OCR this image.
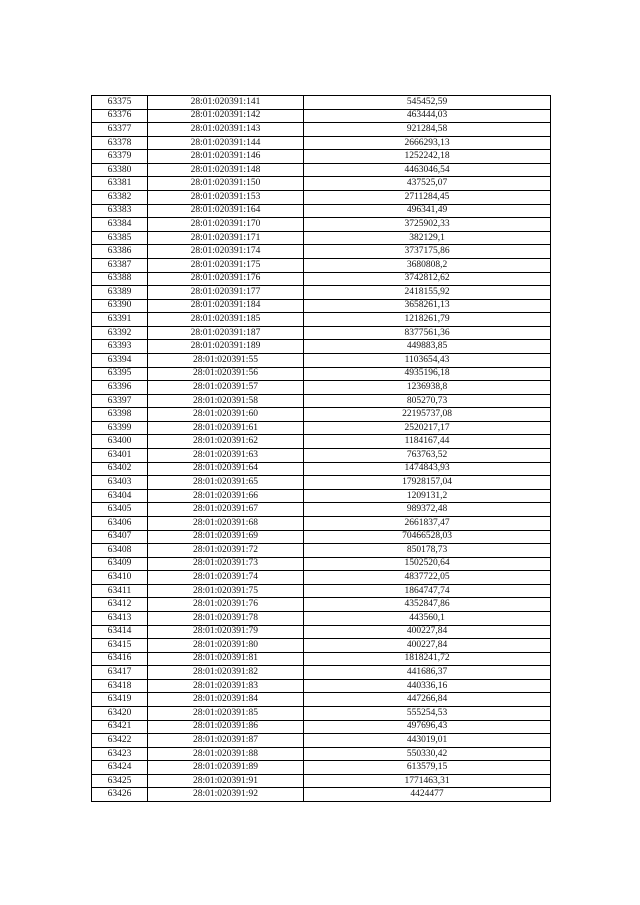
63375	28:01:020391:141	545452,59
63376	28:01:020391:142	463444,03
63377	28:01:020391:143	921284,58
63378	28:01:020391:144	2666293,13
63379	28:01:020391:146	1252242,18
63380	28:01:020391:148	4463046,54
63381	28:01:020391:150	437525,07
63382	28:01:020391:153	2711284,45
63383	28:01:020391:164	496341,49
63384	28:01:020391:170	3725902,33
63385	28:01:020391:171	382129,1
63386	28:01:020391:174	3737175,86
63387	28:01:020391:175	3680808,2
63388	28:01:020391:176	3742812,62
63389	28:01:020391:177	2418155,92
63390	28:01:020391:184	3658261,13
63391	28:01:020391:185	1218261,79
63392	28:01:020391:187	8377561,36
63393	28:01:020391:189	449883,85
63394	28:01:020391:55	1103654,43
63395	28:01:020391:56	4935196,18
63396	28:01:020391:57	1236938,8
63397	28:01:020391:58	805270,73
63398	28:01:020391:60	22195737,08
63399	28:01:020391:61	2520217,17
63400	28:01:020391:62	1184167,44
63401	28:01:020391:63	763763,52
63402	28:01:020391:64	1474843,93
63403	28:01:020391:65	17928157,04
63404	28:01:020391:66	1209131,2
63405	28:01:020391:67	989372,48
63406	28:01:020391:68	2661837,47
63407	28:01:020391:69	70466528,03
63408	28:01:020391:72	850178,73
63409	28:01:020391:73	1502520,64
63410	28:01:020391:74	4837722,05
63411	28:01:020391:75	1864747,74
63412	28:01:020391:76	4352847,86
63413	28:01:020391:78	443560,1
63414	28:01:020391:79	400227,84
63415	28:01:020391:80	400227,84
63416	28:01:020391:81	1818241,72
63417	28:01:020391:82	441686,37
63418	28:01:020391:83	440336,16
63419	28:01:020391:84	447266,84
63420	28:01:020391:85	555254,53
63421	28:01:020391:86	497696,43
63422	28:01:020391:87	443019,01
63423	28:01:020391:88	550330,42
63424	28:01:020391:89	613579,15
63425	28:01:020391:91	1771463,31
63426	28:01:020391:92	4424477
